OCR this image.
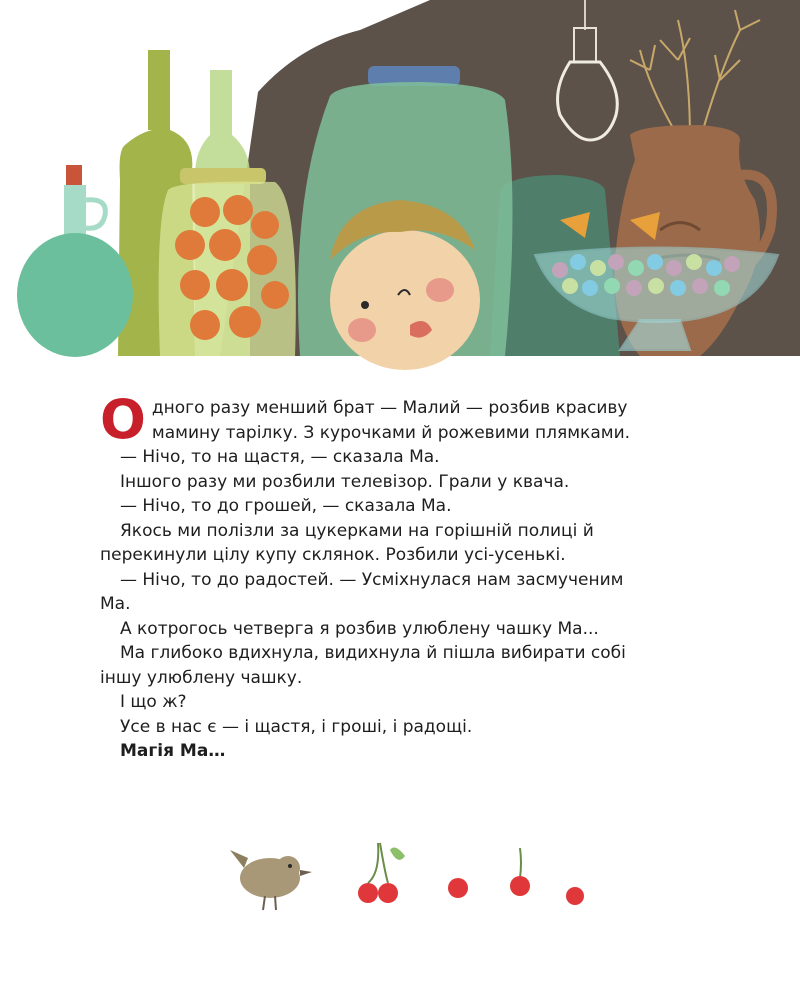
Одного разу менший брат — Малий — розбив красиву маминy тарілку. З курочками й рожевими плямками.

— Нічо, то на щастя, — сказала Ма.

Іншого разу ми розбили телевізор. Грали у квача.

— Нічо, то до грошей, — сказала Ма.

Якось ми полізли за цукерками на горішній полиці й перекинули цілу купу склянок. Розбили усі-усенькі.

— Нічо, то до радостей. — Усміхнулася нам засмученим Ма.

А котрогось четверга я розбив улюблену чашку Ма...

Ма глибоко вдихнула, видихнула й пішла вибирати собі іншу улюблену чашку.

І що ж?

Усе в нас є — і щастя, і гроші, і радощі.

Магія Ма…
